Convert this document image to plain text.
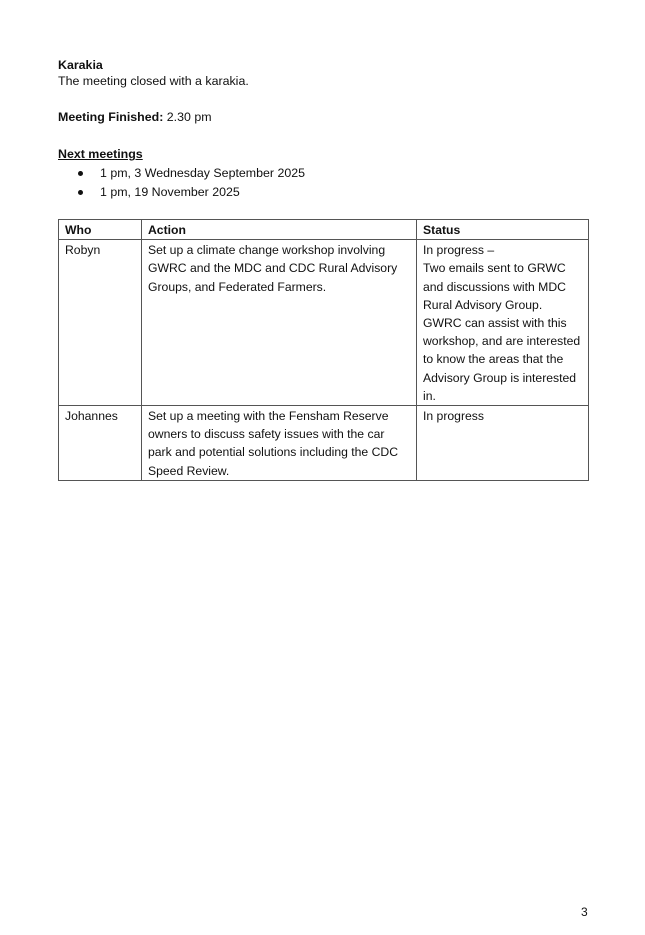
Karakia
The meeting closed with a karakia.
Meeting Finished: 2.30 pm
Next meetings
1 pm, 3 Wednesday September 2025
1 pm, 19 November 2025
Who	Action	Status
Robyn	Set up a climate change workshop involving GWRC and the MDC and CDC Rural Advisory Groups, and Federated Farmers.	In progress –
Two emails sent to GRWC and discussions with MDC Rural Advisory Group.
GWRC can assist with this workshop, and are interested to know the areas that the Advisory Group is interested in.

Johannes	Set up a meeting with the Fensham Reserve owners to discuss safety issues with the car park and potential solutions including the CDC Speed Review.	In progress
3
